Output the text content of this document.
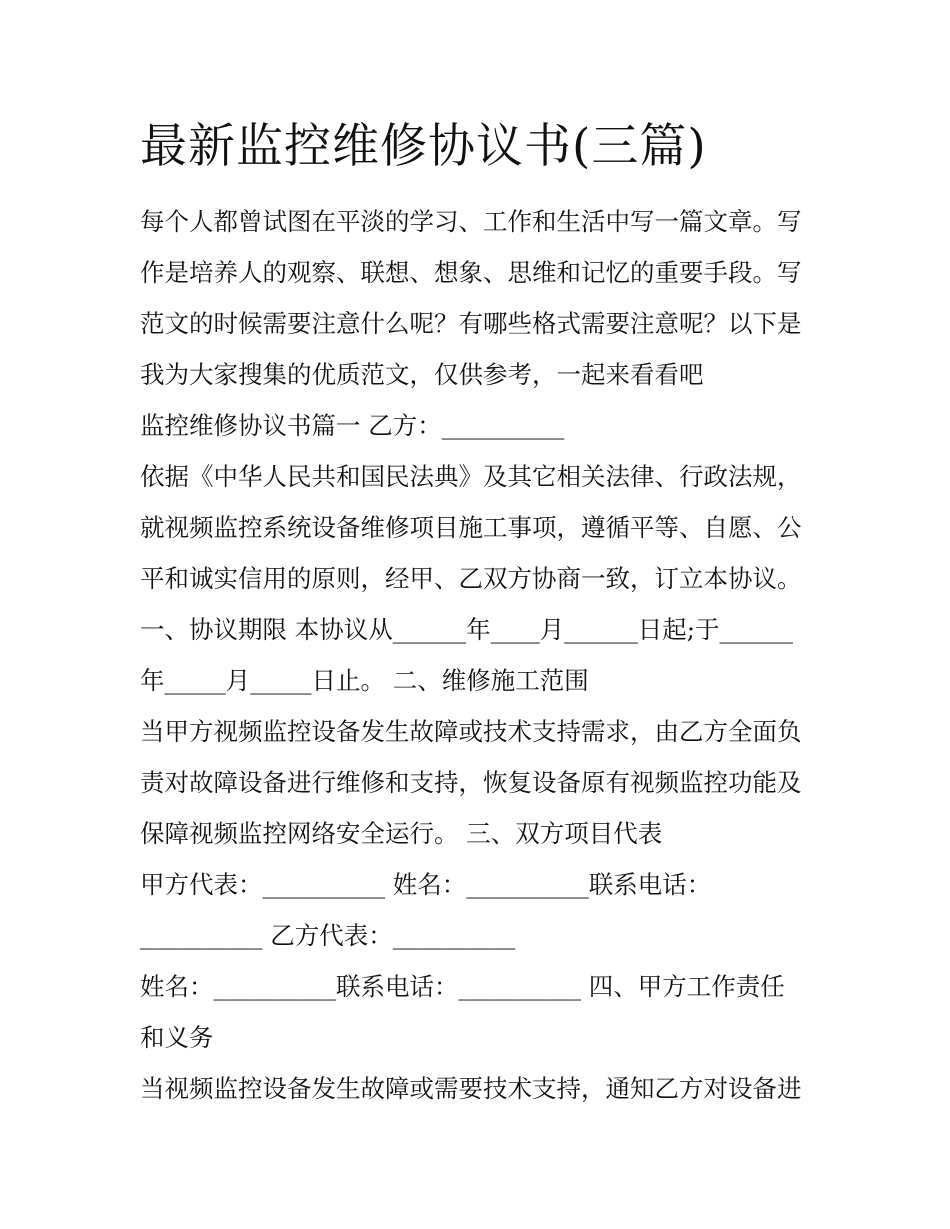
最新监控维修协议书(三篇)

每个人都曾试图在平淡的学习、工作和生活中写一篇文章。写

作是培养人的观察、联想、想象、思维和记忆的重要手段。写

范文的时候需要注意什么呢？有哪些格式需要注意呢？以下是

我为大家搜集的优质范文，仅供参考，一起来看看吧

监控维修协议书篇一 乙方：__________

依据《中华人民共和国民法典》及其它相关法律、行政法规，

就视频监控系统设备维修项目施工事项，遵循平等、自愿、公

平和诚实信用的原则，经甲、乙双方协商一致，订立本协议。

一、协议期限 本协议从______年____月______日起;于______

年_____月_____日止。 二、维修施工范围

当甲方视频监控设备发生故障或技术支持需求，由乙方全面负

责对故障设备进行维修和支持，恢复设备原有视频监控功能及

保障视频监控网络安全运行。 三、双方项目代表

甲方代表：__________ 姓名：__________联系电话：

__________ 乙方代表：__________

姓名：__________联系电话：__________ 四、甲方工作责任

和义务

当视频监控设备发生故障或需要技术支持，通知乙方对设备进
